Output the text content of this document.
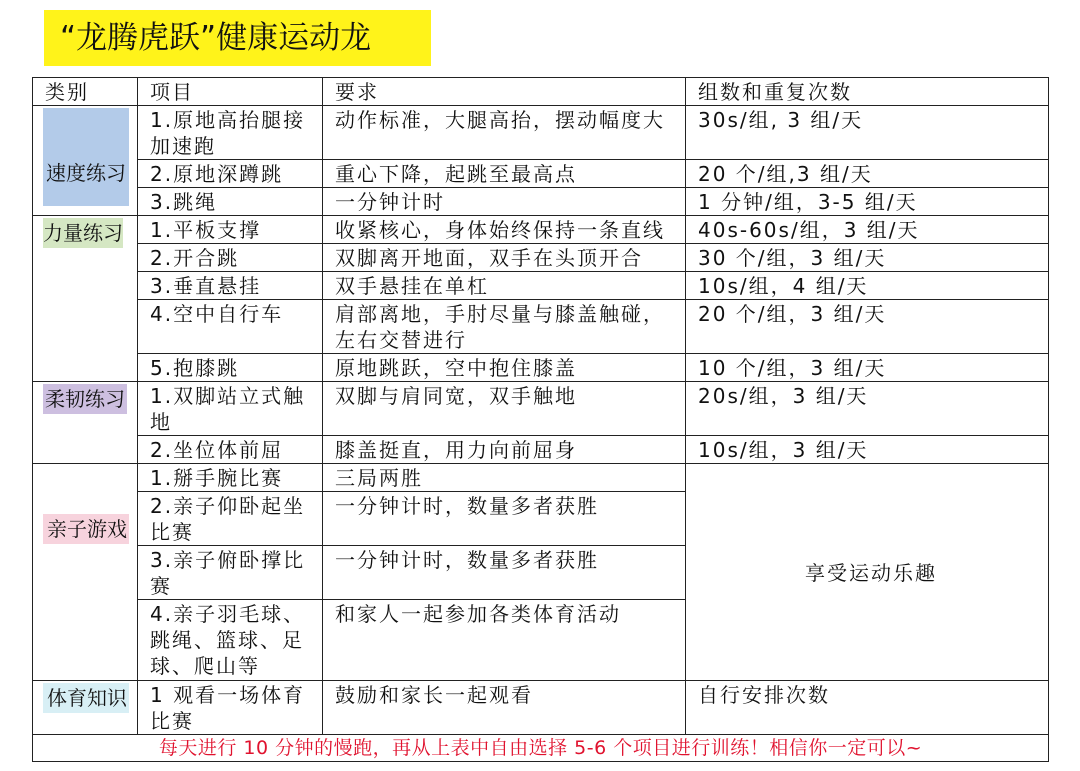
“龙腾虎跃”健康运动龙
类别	项目	要求	组数和重复次数
速度练习	1.原地高抬腿接加速跑	动作标准，大腿高抬，摆动幅度大	30s/组, 3 组/天
	2.原地深蹲跳	重心下降，起跳至最高点	20 个/组,3 组/天
	3.跳绳	一分钟计时	1 分钟/组，3-5 组/天
力量练习	1.平板支撑	收紧核心，身体始终保持一条直线	40s-60s/组，3 组/天
	2.开合跳	双脚离开地面，双手在头顶开合	30 个/组，3 组/天
	3.垂直悬挂	双手悬挂在单杠	10s/组，4 组/天
	4.空中自行车	肩部离地，手肘尽量与膝盖触碰，左右交替进行	20 个/组，3 组/天
	5.抱膝跳	原地跳跃，空中抱住膝盖	10 个/组，3 组/天
柔韧练习	1.双脚站立式触地	双脚与肩同宽，双手触地	20s/组，3 组/天
	2.坐位体前屈	膝盖挺直，用力向前屈身	10s/组，3 组/天
亲子游戏	1.掰手腕比赛	三局两胜	享受运动乐趣
	2.亲子仰卧起坐比赛	一分钟计时，数量多者获胜	
	3.亲子俯卧撑比赛	一分钟计时，数量多者获胜	
	4.亲子羽毛球、跳绳、篮球、足球、爬山等	和家人一起参加各类体育活动	
体育知识	1 观看一场体育比赛	鼓励和家长一起观看	自行安排次数
每天进行 10 分钟的慢跑，再从上表中自由选择 5-6 个项目进行训练！相信你一定可以~			
